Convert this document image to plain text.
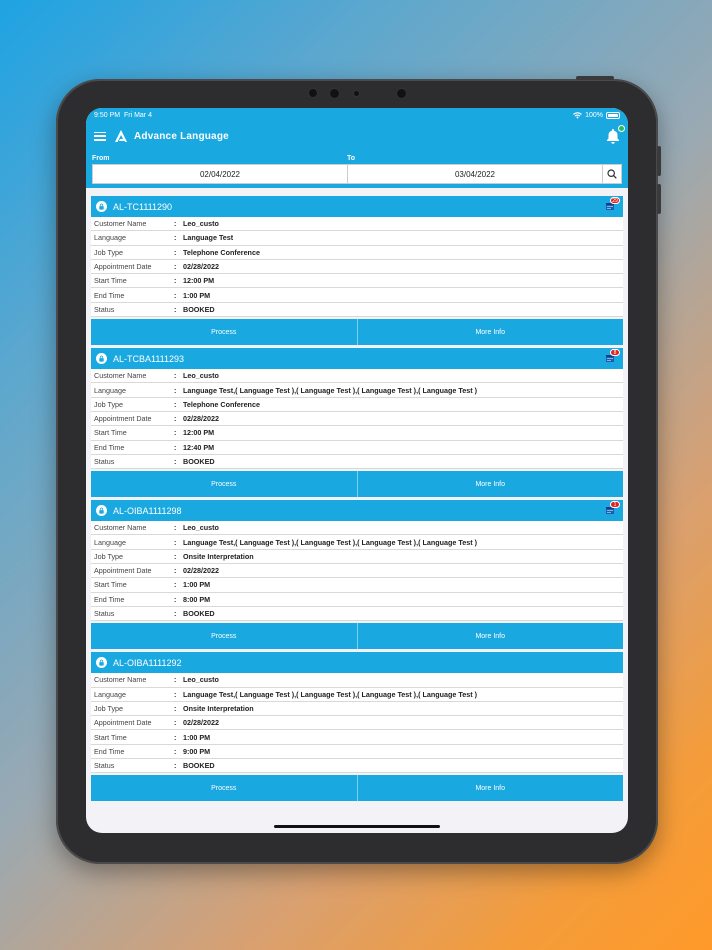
9:50 PM Fri Mar 4	100%
Advance Language
From	To
02/04/2022	03/04/2022
AL-TC1111290
29
Customer Name	: Leo_custo
Language	: Language Test
Job Type	: Telephone Conference
Appointment Date	: 02/28/2022
Start Time	: 12:00 PM
End Time	: 1:00 PM
Status	: BOOKED
Process	More Info
AL-TCBA1111293
8
Customer Name	: Leo_custo
Language	: Language Test,( Language Test ),( Language Test ),( Language Test ),( Language Test )
Job Type	: Telephone Conference
Appointment Date	: 02/28/2022
Start Time	: 12:00 PM
End Time	: 12:40 PM
Status	: BOOKED
Process	More Info
AL-OIBA1111298
1
Customer Name	: Leo_custo
Language	: Language Test,( Language Test ),( Language Test ),( Language Test ),( Language Test )
Job Type	: Onsite Interpretation
Appointment Date	: 02/28/2022
Start Time	: 1:00 PM
End Time	: 8:00 PM
Status	: BOOKED
Process	More Info
AL-OIBA1111292
Customer Name	: Leo_custo
Language	: Language Test,( Language Test ),( Language Test ),( Language Test ),( Language Test )
Job Type	: Onsite Interpretation
Appointment Date	: 02/28/2022
Start Time	: 1:00 PM
End Time	: 9:00 PM
Status	: BOOKED
Process	More Info
